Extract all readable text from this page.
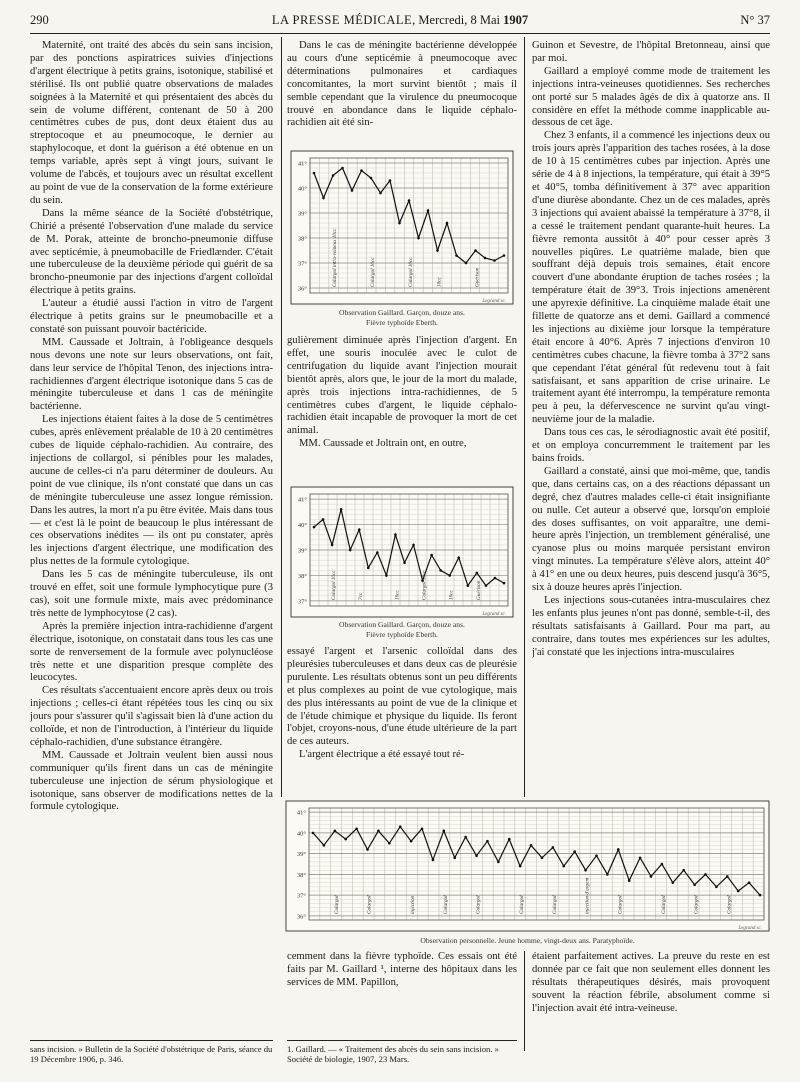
290	LA PRESSE MÉDICALE, Mercredi, 8 Mai 1907	N° 37

Maternité, ont traité des abcès du sein sans incision, par des ponctions aspiratrices suivies d'injections d'argent électrique à petits grains, isotonique, stabilisé et stérilisé. Ils ont publié quatre observations de malades soignées à la Maternité et qui présentaient des abcès du sein de volume différent, contenant de 50 à 200 centimètres cubes de pus, dont deux étaient dus au streptocoque et au pneumocoque, le dernier au staphylocoque, et dont la guérison a été obtenue en un temps variable, après sept à vingt jours, suivant le volume de l'abcès, et toujours avec un résultat excellent au point de vue de la conservation de la forme extérieure du sein.

Dans la même séance de la Société d'obstétrique, Chirié a présenté l'observation d'une malade du service de M. Porak, atteinte de broncho-pneumonie diffuse avec septicémie, à pneumobacille de Friedlænder. C'était une tuberculeuse de la deuxième période qui guérit de sa broncho-pneumonie par des injections d'argent colloïdal électrique à petits grains.

L'auteur a étudié aussi l'action in vitro de l'argent électrique à petits grains sur le pneumobacille et a constaté son puissant pouvoir bactéricide.

MM. Caussade et Joltrain, à l'obligeance desquels nous devons une note sur leurs observations, ont fait, dans leur service de l'hôpital Tenon, des injections intra-rachidiennes d'argent électrique isotonique dans 5 cas de méningite tuberculeuse et dans 1 cas de méningite bactérienne.

Les injections étaient faites à la dose de 5 centimètres cubes, après enlèvement préalable de 10 à 20 centimètres cubes de liquide céphalo-rachidien. Au contraire, des injections de collargol, si pénibles pour les malades, aucune de celles-ci n'a paru déterminer de douleurs. Au point de vue clinique, ils n'ont constaté que dans un cas de méningite tuberculeuse une assez longue rémission. Dans les autres, la mort n'a pu être évitée. Mais dans tous — et c'est là le point de beaucoup le plus intéressant de ces observations inédites — ils ont pu constater, après les injections d'argent électrique, une modification des plus nettes de la formule cytologique.

Dans les 5 cas de méningite tuberculeuse, ils ont trouvé en effet, soit une formule lymphocytique pure (3 cas), soit une formule mixte, mais avec prédominance très nette de lymphocytose (2 cas).

Après la première injection intra-rachidienne d'argent électrique, isotonique, on constatait dans tous les cas une sorte de renversement de la formule avec polynucléose très nette et une disparition presque complète des leucocytes.

Ces résultats s'accentuaient encore après deux ou trois injections ; celles-ci étant répétées tous les cinq ou six jours pour s'assurer qu'il s'agissait bien là d'une action du colloïde, et non de l'introduction, à l'intérieur du liquide céphalo-rachidien, d'une substance étrangère.

MM. Caussade et Joltrain veulent bien aussi nous communiquer qu'ils firent dans un cas de méningite tuberculeuse une injection de sérum physiologique et isotonique, sans observer de modifications nettes de la formule cytologique.

Dans le cas de méningite bactérienne développée au cours d'une septicémie à pneumocoque avec déterminations pulmonaires et cardiaques concomitantes, la mort survint bientôt ; mais il semble cependant que la virulence du pneumocoque trouvé en abondance dans le liquide céphalo-rachidien ait été sin-

41°
40°
39°
38°
37°
36°
Colargol intra-veineux 10cc	Colargol 10cc	Colargol 10cc	10cc	Guérison
Legrand sc.
Observation Gaillard. Garçon, douze ans.
Fièvre typhoïde Eberth.

gulièrement diminuée après l'injection d'argent. En effet, une souris inoculée avec le culot de centrifugation du liquide avant l'injection mourait bientôt après, alors que, le jour de la mort du malade, après trois injections intra-rachidiennes, de 5 centimètres cubes d'argent, le liquide céphalo-rachidien était incapable de provoquer la mort de cet animal.

MM. Caussade et Joltrain ont, en outre,

41°
40°
39°
38°
37°
Colargol 10cc	7cc	10cc	Colargol 10cc	10cc	Guérison
Legrand sc.
Observation Gaillard. Garçon, douze ans.
Fièvre typhoïde Eberth.

essayé l'argent et l'arsenic colloïdal dans des pleurésies tuberculeuses et dans deux cas de pleurésie purulente. Les résultats obtenus sont un peu différents et plus complexes au point de vue cytologique, mais des plus intéressants au point de vue de la clinique et de l'étude chimique et physique du liquide. Ils feront l'objet, croyons-nous, d'une étude ultérieure de la part de ces auteurs.

L'argent électrique a été essayé tout ré-

Guinon et Sevestre, de l'hôpital Bretonneau, ainsi que par moi.

Gaillard a employé comme mode de traitement les injections intra-veineuses quotidiennes. Ses recherches ont porté sur 5 malades âgés de dix à quatorze ans. Il considère en effet la méthode comme inapplicable au-dessous de cet âge.

Chez 3 enfants, il a commencé les injections deux ou trois jours après l'apparition des taches rosées, à la dose de 10 à 15 centimètres cubes par injection. Après une série de 4 à 8 injections, la température, qui était à 39°5 et 40°5, tomba définitivement à 37° avec apparition d'une diurèse abondante. Chez un de ces malades, après 3 injections qui avaient abaissé la température à 37°8, il a cessé le traitement pendant quarante-huit heures. La fièvre remonta aussitôt à 40° pour cesser après 3 nouvelles piqûres. Le quatrième malade, bien que souffrant déjà depuis trois semaines, était encore couvert d'une abondante éruption de taches rosées ; la température était de 39°3. Trois injections amenèrent une apyrexie définitive. La cinquième malade était une fillette de quatorze ans et demi. Gaillard a commencé les injections au dixième jour lorsque la température était encore à 40°6. Après 7 injections d'environ 10 centimètres cubes chacune, la fièvre tomba à 37°2 sans que cependant l'état général fût redevenu tout à fait satisfaisant, et sans apparition de crise urinaire. Le traitement ayant été interrompu, la température remonta peu à peu, la défervescence ne survint qu'au vingt-neuvième jour de la maladie.

Dans tous ces cas, le sérodiagnostic avait été positif, et on employa concurremment le traitement par les bains froids.

Gaillard a constaté, ainsi que moi-même, que, tandis que, dans certains cas, on a des réactions dépassant un degré, chez d'autres malades celle-ci était insignifiante ou nulle. Cet auteur a observé que, lorsqu'on emploie des doses suffisantes, on voit apparaître, une demi-heure après l'injection, un tremblement généralisé, une cyanose plus ou moins marquée persistant environ vingt minutes. La température s'élève alors, atteint 40° à 41° en une ou deux heures, puis descend jusqu'à 36°5, six à douze heures après l'injection.

Les injections sous-cutanées intra-musculaires chez les enfants plus jeunes n'ont pas donné, semble-t-il, des résultats satisfaisants à Gaillard. Pour ma part, au contraire, dans toutes mes expériences sur les adultes, j'ai constaté que les injections intra-musculaires

41°
40°
39°
38°
37°
36°
Colargol	Colargol	injection	Colargol	Colargol	Colargol	Colargol	injection d'argent	Colargol	Colargol	Colargol	Colargol
Legrand sc.
Observation personnelle. Jeune homme, vingt-deux ans. Paratyphoïde.

cemment dans la fièvre typhoïde. Ces essais ont été faits par M. Gaillard ¹, interne des hôpitaux dans les services de MM. Papillon,

étaient parfaitement actives. La preuve du reste en est donnée par ce fait que non seulement elles donnent les résultats thérapeutiques désirés, mais provoquent souvent la réaction fébrile, absolument comme si l'injection avait été intra-veineuse.

sans incision. » Bulletin de la Société d'obstétrique de Paris, séance du 19 Décembre 1906, p. 346.

1. Gaillard. — « Traitement des abcès du sein sans incision. » Société de biologie, 1907, 23 Mars.
